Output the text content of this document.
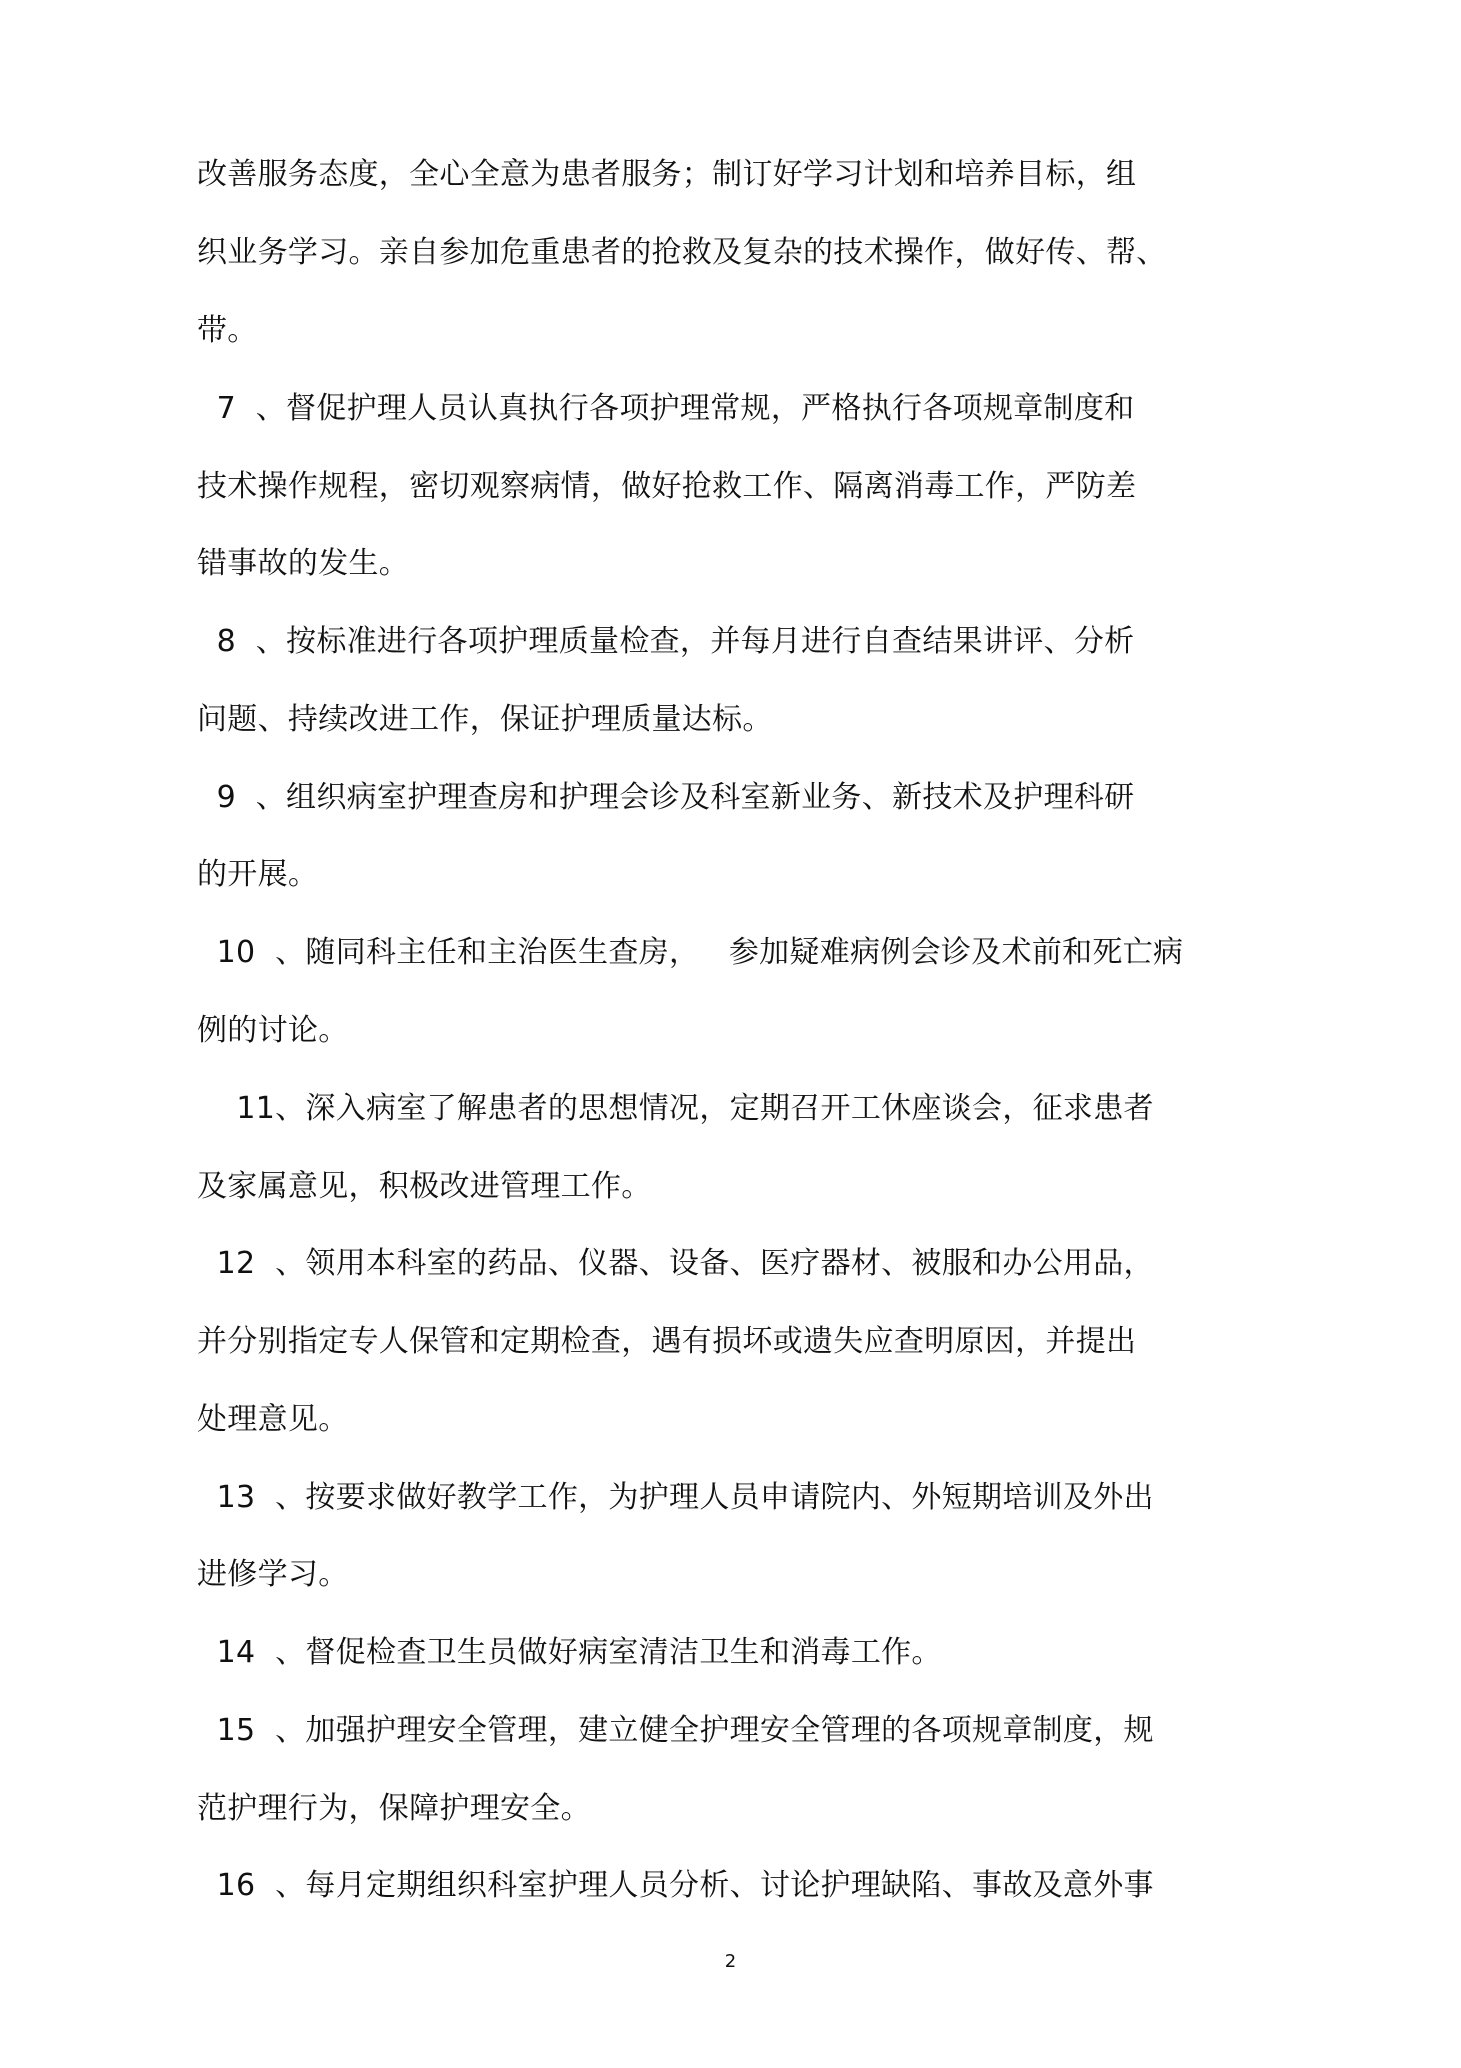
改善服务态度，全心全意为患者服务；制订好学习计划和培养目标，组
织业务学习。亲自参加危重患者的抢救及复杂的技术操作，做好传、帮、
带。
7  、督促护理人员认真执行各项护理常规，严格执行各项规章制度和
技术操作规程，密切观察病情，做好抢救工作、隔离消毒工作，严防差
错事故的发生。
8  、按标准进行各项护理质量检查，并每月进行自查结果讲评、分析
问题、持续改进工作，保证护理质量达标。
9  、组织病室护理查房和护理会诊及科室新业务、新技术及护理科研
的开展。
10  、随同科主任和主治医生查房，   参加疑难病例会诊及术前和死亡病
例的讨论。
11、深入病室了解患者的思想情况，定期召开工休座谈会，征求患者
及家属意见，积极改进管理工作。
12  、领用本科室的药品、仪器、设备、医疗器材、被服和办公用品，
并分别指定专人保管和定期检查，遇有损坏或遗失应查明原因，并提出
处理意见。
13  、按要求做好教学工作，为护理人员申请院内、外短期培训及外出
进修学习。
14  、督促检查卫生员做好病室清洁卫生和消毒工作。
15  、加强护理安全管理，建立健全护理安全管理的各项规章制度，规
范护理行为，保障护理安全。
16  、每月定期组织科室护理人员分析、讨论护理缺陷、事故及意外事
2
